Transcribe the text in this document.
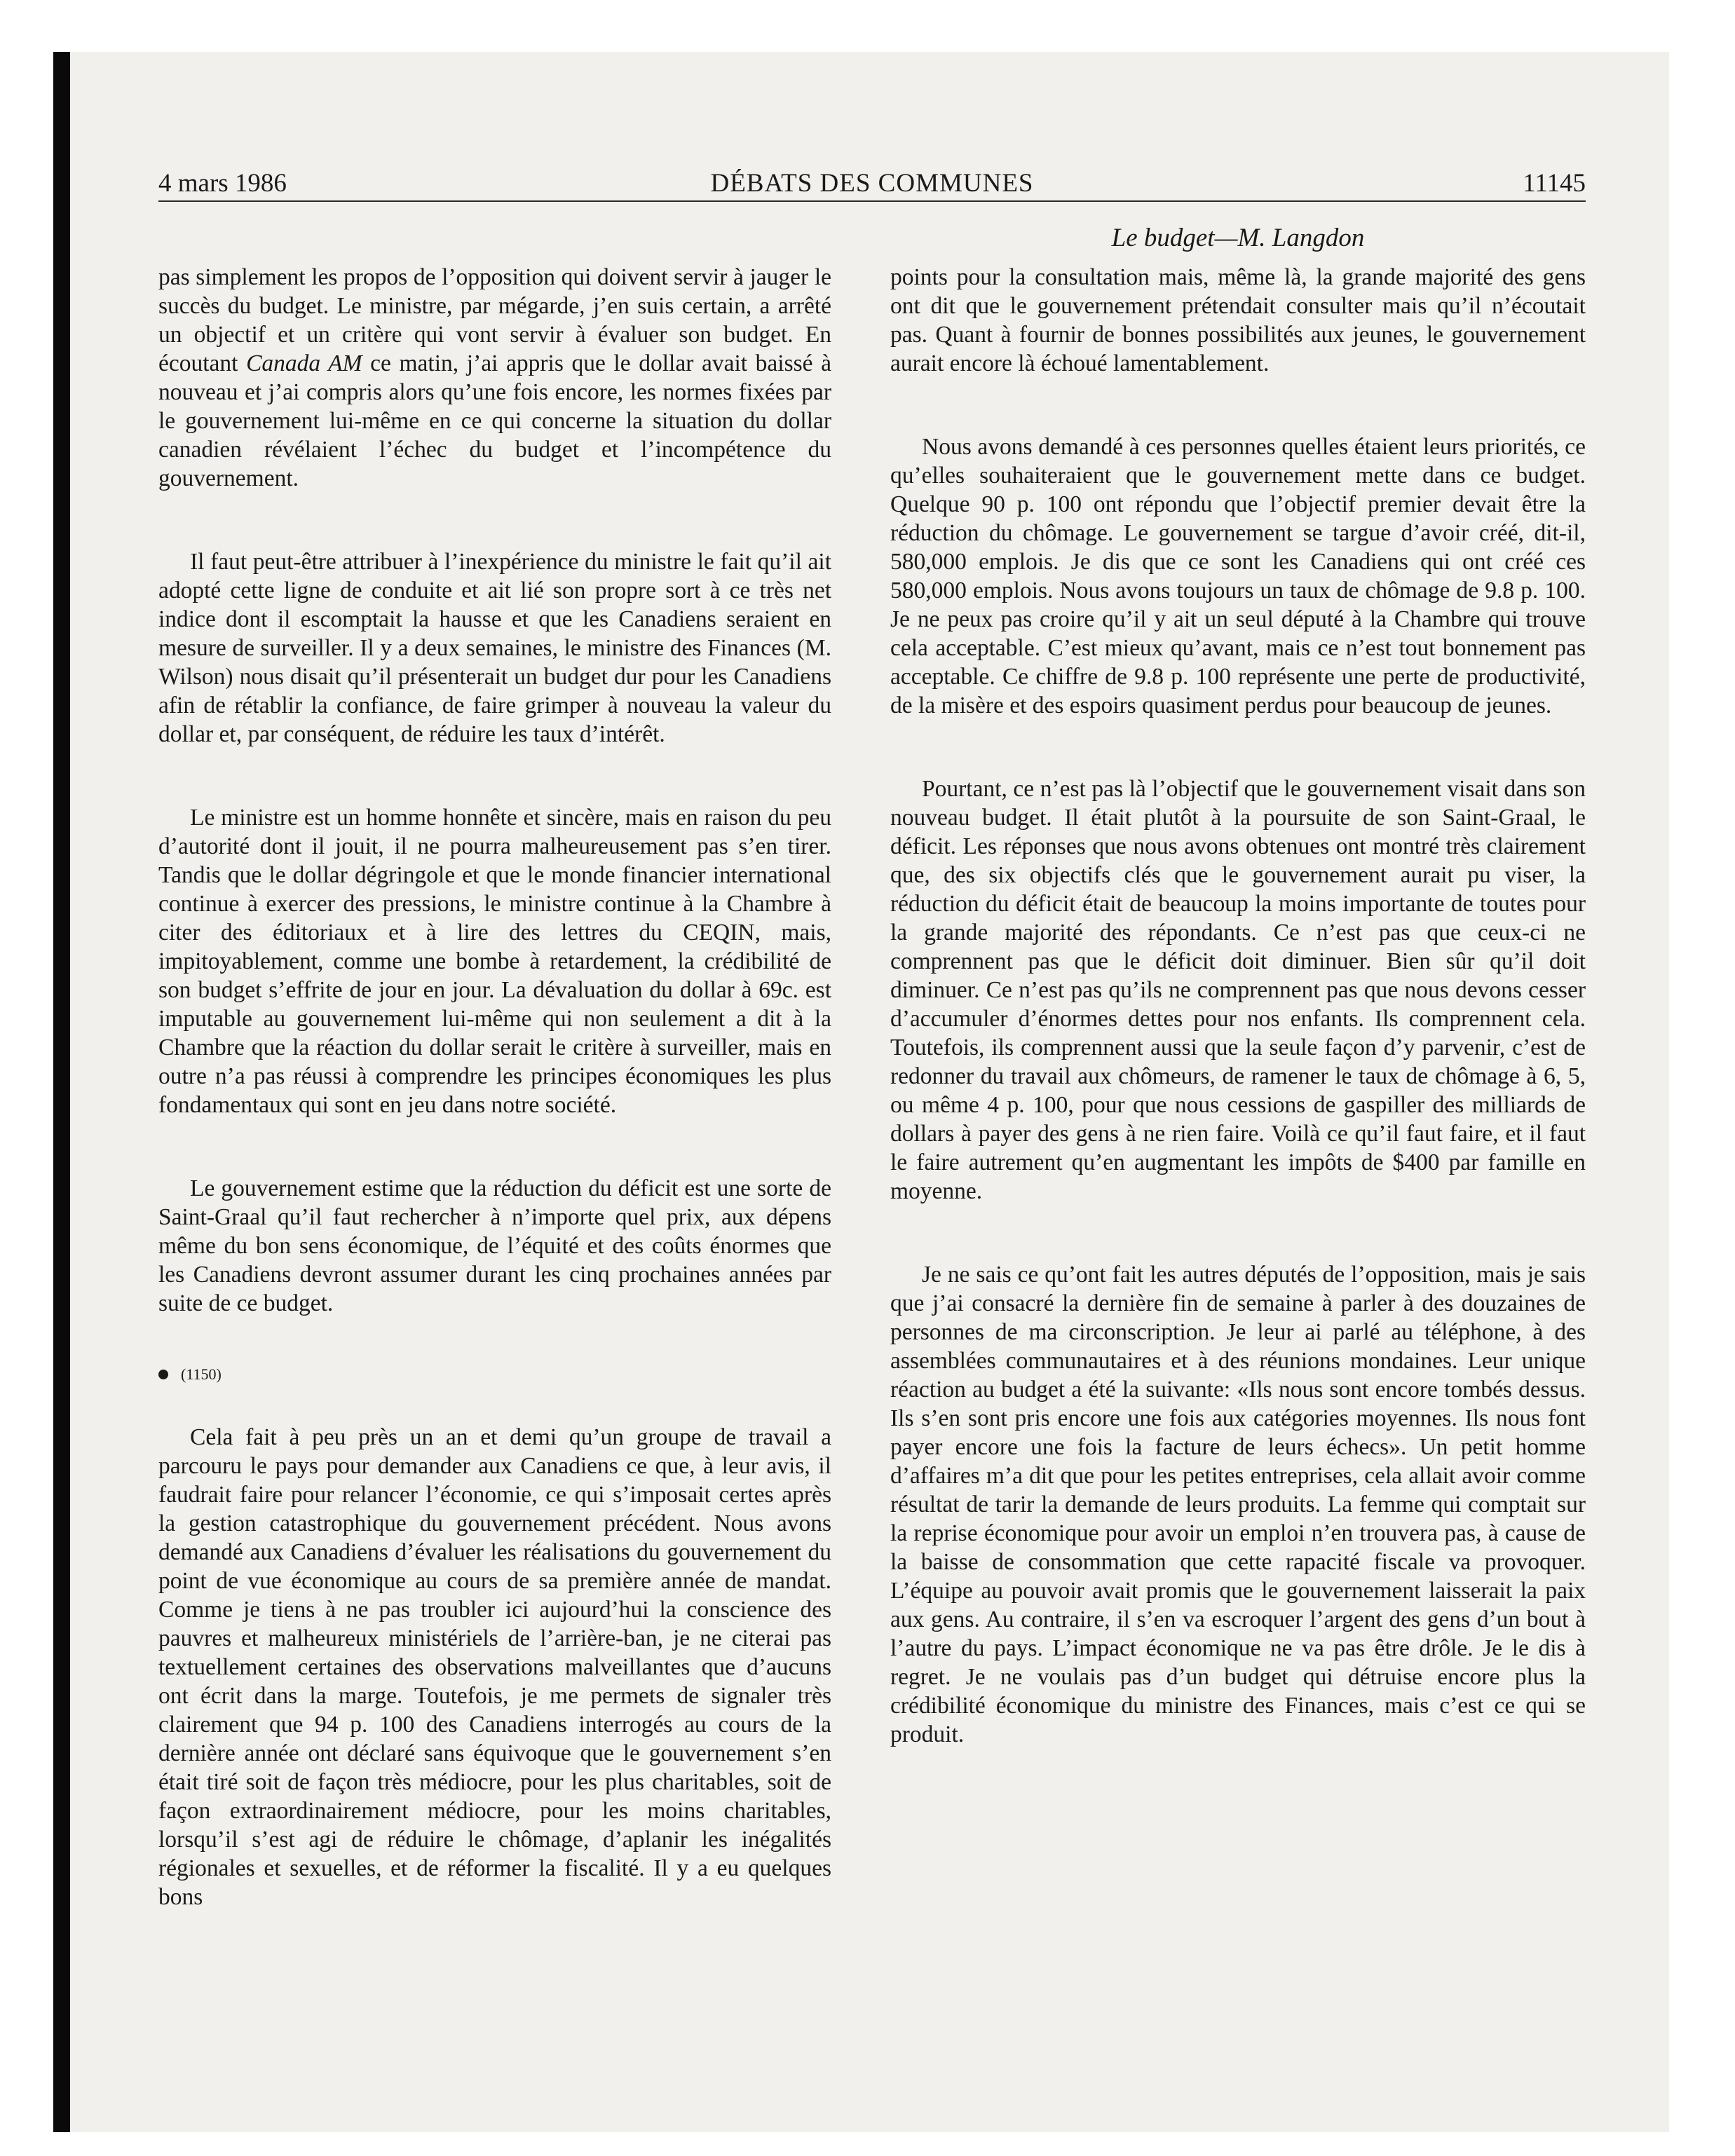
DÉBATS DES COMMUNES
4 mars 1986	11145
Le budget—M. Langdon

pas simplement les propos de l’opposition qui doivent servir à jauger le succès du budget. Le ministre, par mégarde, j’en suis certain, a arrêté un objectif et un critère qui vont servir à évaluer son budget. En écoutant Canada AM ce matin, j’ai appris que le dollar avait baissé à nouveau et j’ai compris alors qu’une fois encore, les normes fixées par le gouvernement lui-même en ce qui concerne la situation du dollar canadien révélaient l’échec du budget et l’incompétence du gouvernement.

Il faut peut-être attribuer à l’inexpérience du ministre le fait qu’il ait adopté cette ligne de conduite et ait lié son propre sort à ce très net indice dont il escomptait la hausse et que les Canadiens seraient en mesure de surveiller. Il y a deux semaines, le ministre des Finances (M. Wilson) nous disait qu’il présenterait un budget dur pour les Canadiens afin de rétablir la confiance, de faire grimper à nouveau la valeur du dollar et, par conséquent, de réduire les taux d’intérêt.

Le ministre est un homme honnête et sincère, mais en raison du peu d’autorité dont il jouit, il ne pourra malheureusement pas s’en tirer. Tandis que le dollar dégringole et que le monde financier international continue à exercer des pressions, le ministre continue à la Chambre à citer des éditoriaux et à lire des lettres du CEQIN, mais, impitoyablement, comme une bombe à retardement, la crédibilité de son budget s’effrite de jour en jour. La dévaluation du dollar à 69c. est imputable au gouvernement lui-même qui non seulement a dit à la Chambre que la réaction du dollar serait le critère à surveiller, mais en outre n’a pas réussi à comprendre les principes économiques les plus fondamentaux qui sont en jeu dans notre société.

Le gouvernement estime que la réduction du déficit est une sorte de Saint-Graal qu’il faut rechercher à n’importe quel prix, aux dépens même du bon sens économique, de l’équité et des coûts énormes que les Canadiens devront assumer durant les cinq prochaines années par suite de ce budget.

(1150)

Cela fait à peu près un an et demi qu’un groupe de travail a parcouru le pays pour demander aux Canadiens ce que, à leur avis, il faudrait faire pour relancer l’économie, ce qui s’imposait certes après la gestion catastrophique du gouvernement précédent. Nous avons demandé aux Canadiens d’évaluer les réalisations du gouvernement du point de vue économique au cours de sa première année de mandat. Comme je tiens à ne pas troubler ici aujourd’hui la conscience des pauvres et malheureux ministériels de l’arrière-ban, je ne citerai pas textuellement certaines des observations malveillantes que d’aucuns ont écrit dans la marge. Toutefois, je me permets de signaler très clairement que 94 p. 100 des Canadiens interrogés au cours de la dernière année ont déclaré sans équivoque que le gouvernement s’en était tiré soit de façon très médiocre, pour les plus charitables, soit de façon extraordinairement médiocre, pour les moins charitables, lorsqu’il s’est agi de réduire le chômage, d’aplanir les inégalités régionales et sexuelles, et de réformer la fiscalité. Il y a eu quelques bons

points pour la consultation mais, même là, la grande majorité des gens ont dit que le gouvernement prétendait consulter mais qu’il n’écoutait pas. Quant à fournir de bonnes possibilités aux jeunes, le gouvernement aurait encore là échoué lamentablement.

Nous avons demandé à ces personnes quelles étaient leurs priorités, ce qu’elles souhaiteraient que le gouvernement mette dans ce budget. Quelque 90 p. 100 ont répondu que l’objectif premier devait être la réduction du chômage. Le gouvernement se targue d’avoir créé, dit-il, 580,000 emplois. Je dis que ce sont les Canadiens qui ont créé ces 580,000 emplois. Nous avons toujours un taux de chômage de 9.8 p. 100. Je ne peux pas croire qu’il y ait un seul député à la Chambre qui trouve cela acceptable. C’est mieux qu’avant, mais ce n’est tout bonnement pas acceptable. Ce chiffre de 9.8 p. 100 représente une perte de productivité, de la misère et des espoirs quasiment perdus pour beaucoup de jeunes.

Pourtant, ce n’est pas là l’objectif que le gouvernement visait dans son nouveau budget. Il était plutôt à la poursuite de son Saint-Graal, le déficit. Les réponses que nous avons obtenues ont montré très clairement que, des six objectifs clés que le gouvernement aurait pu viser, la réduction du déficit était de beaucoup la moins importante de toutes pour la grande majorité des répondants. Ce n’est pas que ceux-ci ne comprennent pas que le déficit doit diminuer. Bien sûr qu’il doit diminuer. Ce n’est pas qu’ils ne comprennent pas que nous devons cesser d’accumuler d’énormes dettes pour nos enfants. Ils comprennent cela. Toutefois, ils comprennent aussi que la seule façon d’y parvenir, c’est de redonner du travail aux chômeurs, de ramener le taux de chômage à 6, 5, ou même 4 p. 100, pour que nous cessions de gaspiller des milliards de dollars à payer des gens à ne rien faire. Voilà ce qu’il faut faire, et il faut le faire autrement qu’en augmentant les impôts de $400 par famille en moyenne.

Je ne sais ce qu’ont fait les autres députés de l’opposition, mais je sais que j’ai consacré la dernière fin de semaine à parler à des douzaines de personnes de ma circonscription. Je leur ai parlé au téléphone, à des assemblées communautaires et à des réunions mondaines. Leur unique réaction au budget a été la suivante: «Ils nous sont encore tombés dessus. Ils s’en sont pris encore une fois aux catégories moyennes. Ils nous font payer encore une fois la facture de leurs échecs». Un petit homme d’affaires m’a dit que pour les petites entreprises, cela allait avoir comme résultat de tarir la demande de leurs produits. La femme qui comptait sur la reprise économique pour avoir un emploi n’en trouvera pas, à cause de la baisse de consommation que cette rapacité fiscale va provoquer. L’équipe au pouvoir avait promis que le gouvernement laisserait la paix aux gens. Au contraire, il s’en va escroquer l’argent des gens d’un bout à l’autre du pays. L’impact économique ne va pas être drôle. Je le dis à regret. Je ne voulais pas d’un budget qui détruise encore plus la crédibilité économique du ministre des Finances, mais c’est ce qui se produit.
